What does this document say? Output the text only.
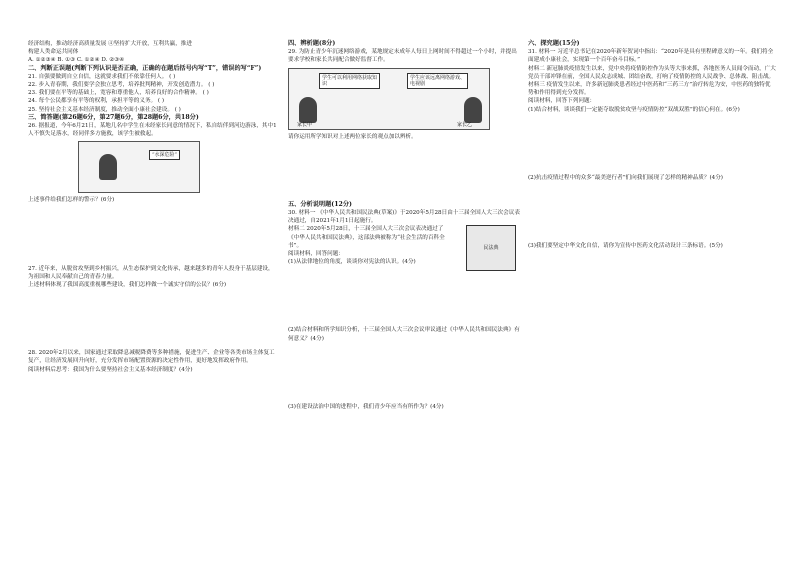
经济结构，推动经济高质量发展 ④坚持扩大开放，互利共赢，推进

构建人类命运共同体

A. ①②③④ B. ①③ C. ①②④ D. ②③④

二、判断正误题(判断下列认识是否正确，正确的在题后括号内写“T”，错误的写“F”)

21. 自强要做到自立自信，这就要求我们不依靠任何人。 ( )

22. 步入青春期，我们要学会独立思考，培养批判精神，开发创造潜力。 ( )

23. 我们要在平等的基础上，宽容和尊重他人，培养良好的合作精神。 ( )

24. 每个公民都享有平等的权利，承担平等的义务。 ( )

25. 坚持社会主义基本经济制度，推动全面小康社会建设。 ( )

三、简答题(第26题6分，第27题6分，第28题6分，共18分)

26. 据报道，今年6月21日，某地几名中学生在未经家长同意的情况下，私自结伴到河边游泳，其中1人不慎失足落水，经同伴多方施救，该学生被救起。

“水深危险”

上述事件给我们怎样的警示？(6分)

27. 近年来，从脱贫攻坚到乡村振兴，从生态保护到文化传承，越来越多的青年人投身于基层建设，为祖国和人民奉献自己的青春力量。

上述材料体现了我国高度重视哪些建设，我们怎样做一个诚实守信的公民？(6分)

28. 2020年2月以来，国家通过采取降息减税降费等多种措施，促进生产、企业等各类市场主体复工复产，让经济发展回升向好，充分发挥市场配置资源的决定性作用，更好地发挥政府作用。

阅读材料后思考：我国为什么要坚持社会主义基本经济制度？(4分)

四、辨析题(8分)

29. 为防止青少年沉迷网络游戏，某地规定未成年人每日上网时间不得超过一个小时，并提出要求学校和家长共同配合做好监督工作。

学生可以利用网络获取知识
学生应该远离网络游戏、电视剧
家长甲	家长乙

请你运用所学知识对上述两位家长的观点加以辨析。

五、分析说明题(12分)

30. 材料一 《中华人民共和国民法典(草案)》于2020年5月28日由十三届全国人大三次会议表决通过，自2021年1月1日起施行。

材料二 2020年5月28日，十三届全国人大三次会议表决通过了《中华人民共和国民法典》，这部法典被称为“社会生活的百科全书”。	民法典

阅读材料，回答问题：

(1)从法律地位的角度，谈谈你对宪法的认识。(4分)

(2)结合材料和所学知识分析，十三届全国人大三次会议审议通过《中华人民共和国民法典》有何意义？(4分)

(3)在建设法治中国的进程中，我们青少年应当有所作为？(4分)

六、探究题(15分)

31. 材料一 习近平总书记在2020年新年贺词中指出：“2020年是具有里程碑意义的一年。我们将全面建成小康社会，实现第一个百年奋斗目标。”

材料二 新冠肺炎疫情发生以来，党中央将疫情防控作为头等大事来抓，各地医务人员闻令而动，广大党员干部冲锋在前，全国人民众志成城、团结奋战，打响了疫情防控的人民战争、总体战、阻击战。

材料三 疫情发生以来，许多新冠肺炎患者经过中医药和“三药三方”治疗转危为安，中医药的独特优势和作用得到充分发挥。

阅读材料，回答下列问题：

(1)结合材料，谈谈我们一定能夺取脱贫攻坚与疫情防控“双战双胜”的信心何在。(6分)

(2)抗击疫情过程中的众多“最美逆行者”们向我们展现了怎样的精神品质？(4分)

(3)我们要坚定中华文化自信，请你为宣传中医药文化活动设计三条标语。(5分)
